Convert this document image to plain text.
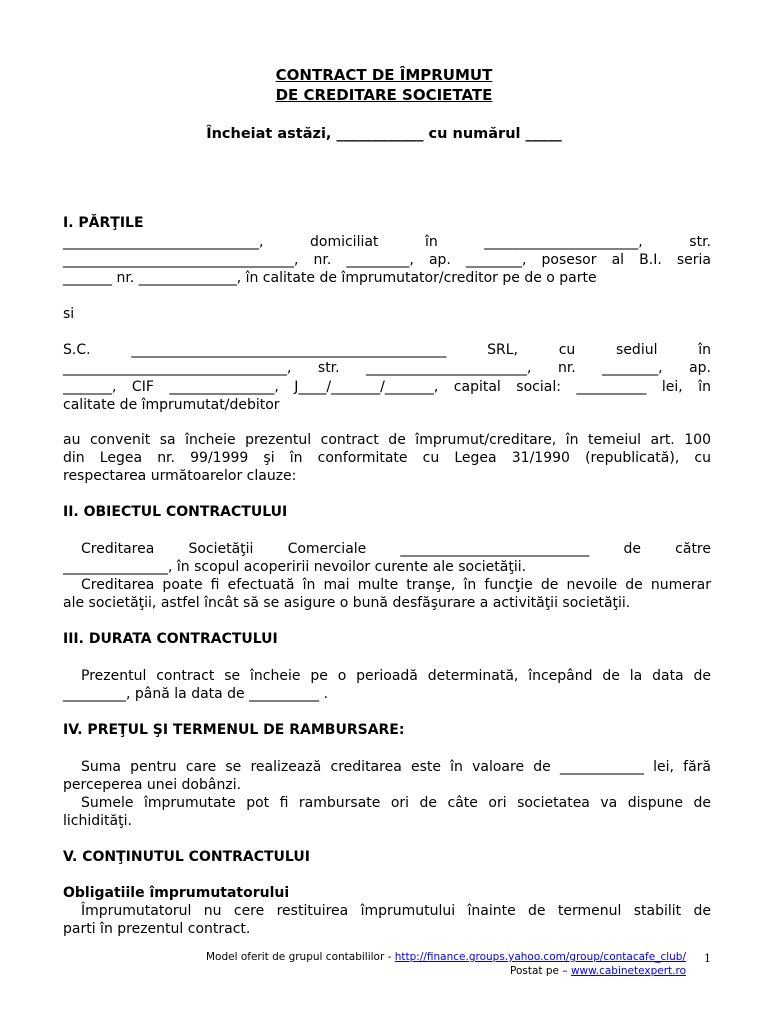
CONTRACT DE ÎMPRUMUT
DE CREDITARE SOCIETATE
Încheiat astăzi, ____________ cu numărul _____
I. PĂRŢILE
____________________________, domiciliat în ______________________, str.
_________________________________, nr. _________, ap. ________, posesor al B.I. seria
_______ nr. ______________, în calitate de împrumutator/creditor pe de o parte
si
S.C. _____________________________________________ SRL, cu sediul în
________________________________, str. _______________________, nr. ________, ap.
_______, CIF _______________, J____/_______/_______, capital social: __________ lei, în
calitate de împrumutat/debitor
au convenit sa încheie prezentul contract de împrumut/creditare, în temeiul art. 100
din Legea nr. 99/1999 şi în conformitate cu Legea 31/1990 (republicată), cu
respectarea următoarelor clauze:
II. OBIECTUL CONTRACTULUI
Creditarea Societăţii Comerciale ___________________________ de către
_______________, în scopul acoperirii nevoilor curente ale societăţii.
Creditarea poate fi efectuată în mai multe tranşe, în funcţie de nevoile de numerar
ale societăţii, astfel încât să se asigure o bună desfăşurare a activităţii societăţii.
III. DURATA CONTRACTULUI
Prezentul contract se încheie pe o perioadă determinată, începând de la data de
_________, până la data de __________ .
IV. PREŢUL ŞI TERMENUL DE RAMBURSARE:
Suma pentru care se realizează creditarea este în valoare de ____________ lei, fără
perceperea unei dobânzi.
Sumele împrumutate pot fi rambursate ori de câte ori societatea va dispune de
lichidităţi.
V. CONŢINUTUL CONTRACTULUI
Obligatiile împrumutatorului
Împrumutatorul nu cere restituirea împrumutului înainte de termenul stabilit de
parti în prezentul contract.
Model oferit de grupul contabililor - http://finance.groups.yahoo.com/group/contacafe_club/
Postat pe – www.cabinetexpert.ro
1
